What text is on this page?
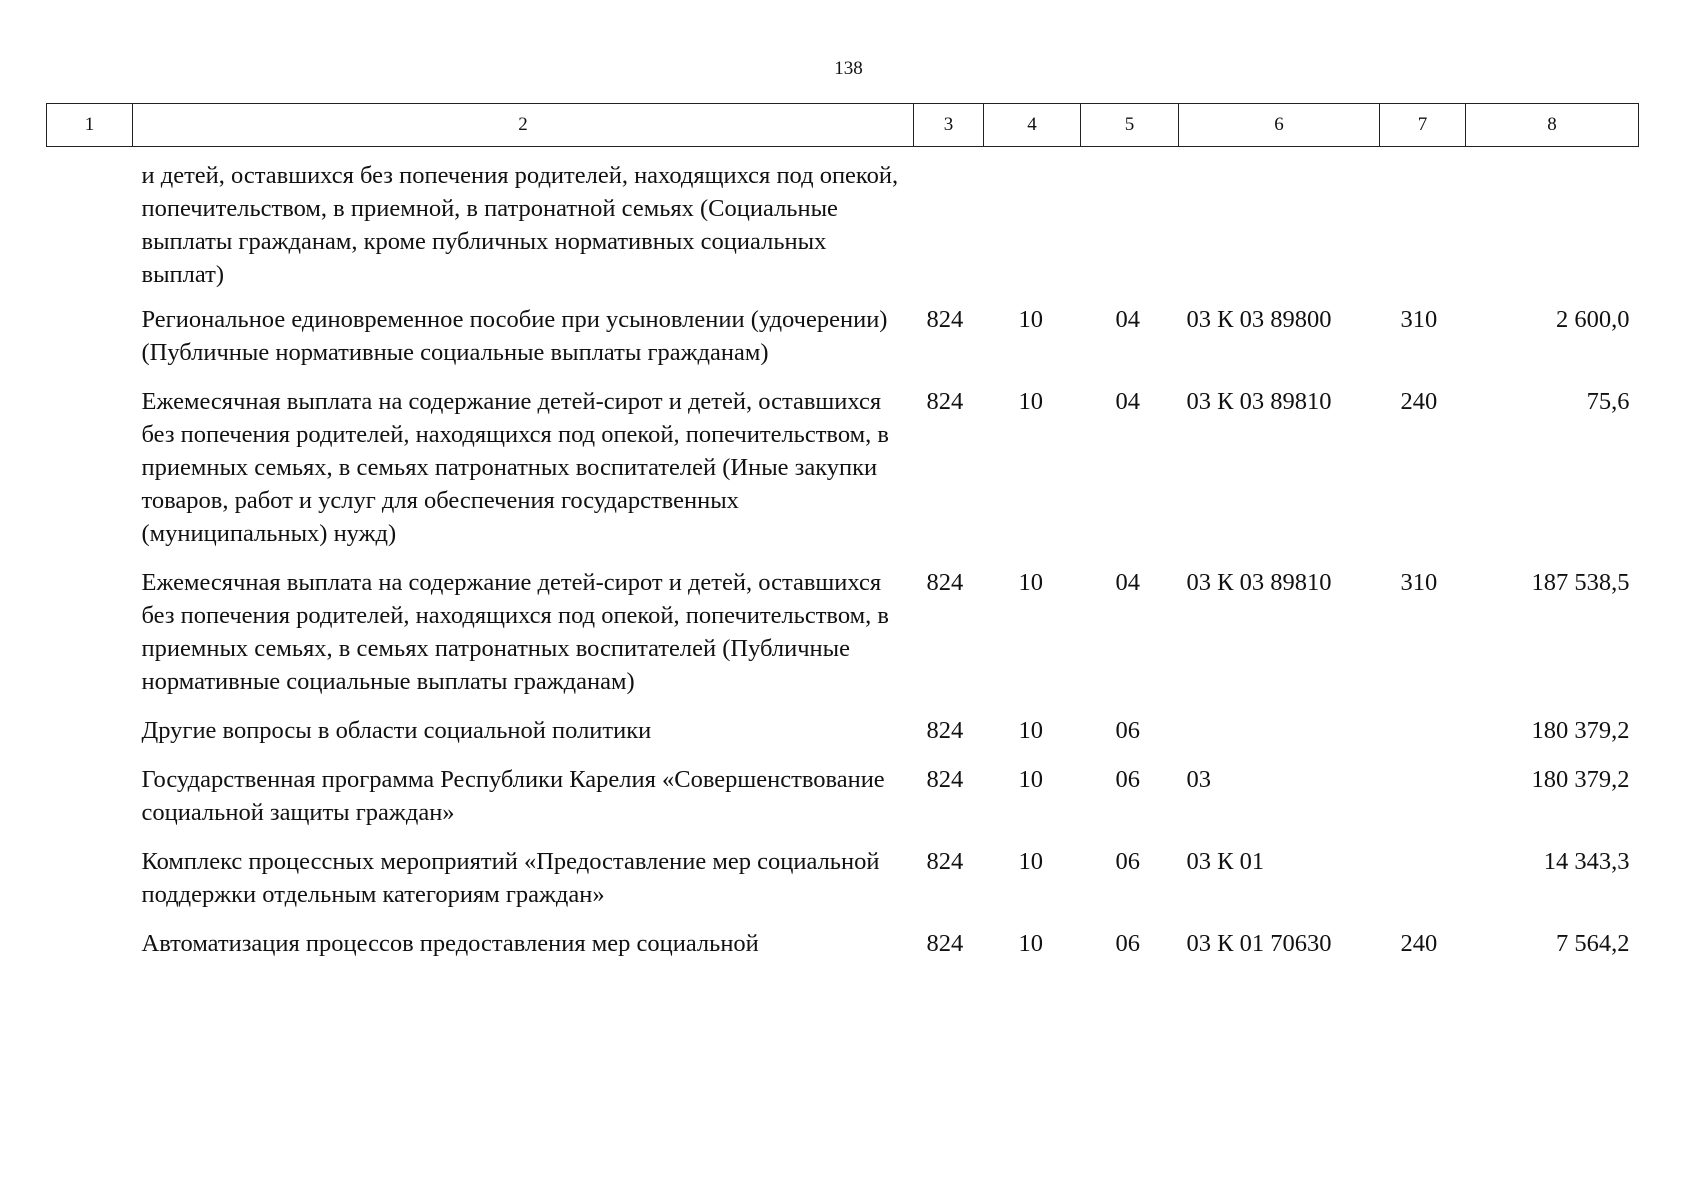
138
1	2	3	4	5	6	7	8
	и детей, оставшихся без попечения родителей, находящихся под опекой, попечительством, в приемной, в патронатной семьях (Социальные выплаты гражданам, кроме публичных нормативных социальных выплат)						
	Региональное единовременное пособие при усыновлении (удочерении) (Публичные нормативные социальные выплаты гражданам)	824	10	04	03 К 03 89800	310	2 600,0
	Ежемесячная выплата на содержание детей-сирот и детей, оставшихся без попечения родителей, находящихся под опекой, попечительством, в приемных семьях, в семьях патронатных воспитателей (Иные закупки товаров, работ и услуг для обеспечения государственных (муниципальных) нужд)	824	10	04	03 К 03 89810	240	75,6
	Ежемесячная выплата на содержание детей-сирот и детей, оставшихся без попечения родителей, находящихся под опекой, попечительством, в приемных семьях, в семьях патронатных воспитателей (Публичные нормативные социальные выплаты гражданам)	824	10	04	03 К 03 89810	310	187 538,5
	Другие вопросы в области социальной политики	824	10	06			180 379,2
	Государственная программа Республики Карелия «Совершенствование социальной защиты граждан»	824	10	06	03		180 379,2
	Комплекс процессных мероприятий «Предоставление мер социальной поддержки отдельным категориям граждан»	824	10	06	03 К 01		14 343,3
	Автоматизация процессов предоставления мер социальной	824	10	06	03 К 01 70630	240	7 564,2
